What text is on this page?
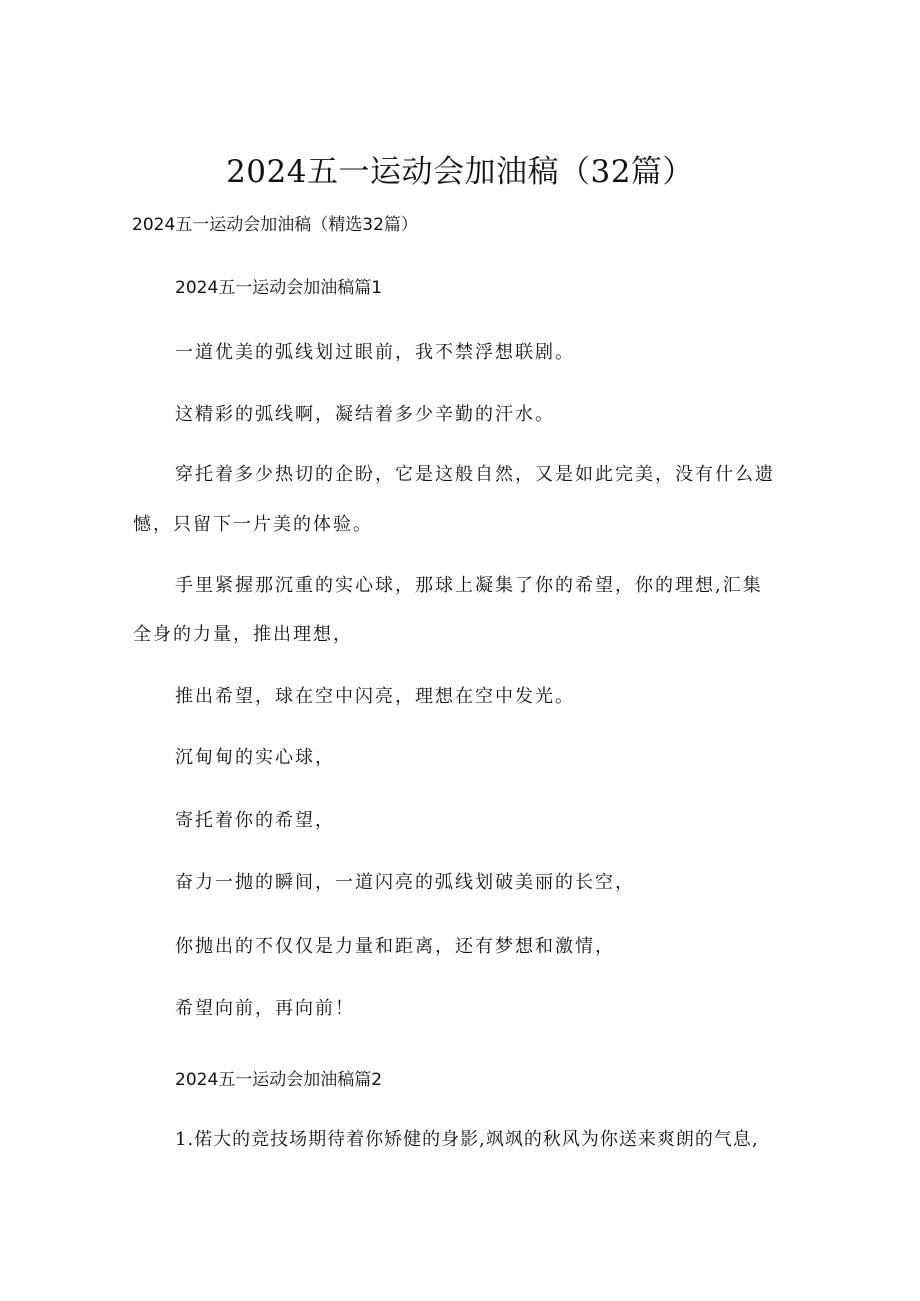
2024五一运动会加油稿（32篇）
2024五一运动会加油稿（精选32篇）
2024五一运动会加油稿篇1
一道优美的弧线划过眼前，我不禁浮想联剧。
这精彩的弧线啊，凝结着多少辛勤的汗水。
穿托着多少热切的企盼，它是这般自然，又是如此完美，没有什么遗
憾，只留下一片美的体验。
手里紧握那沉重的实心球，那球上凝集了你的希望，你的理想,汇集
全身的力量，推出理想，
推出希望，球在空中闪亮，理想在空中发光。
沉甸甸的实心球，
寄托着你的希望，
奋力一抛的瞬间，一道闪亮的弧线划破美丽的长空，
你抛出的不仅仅是力量和距离，还有梦想和激情，
希望向前，再向前！
2024五一运动会加油稿篇2
1.偌大的竞技场期待着你矫健的身影,飒飒的秋风为你送来爽朗的气息,
